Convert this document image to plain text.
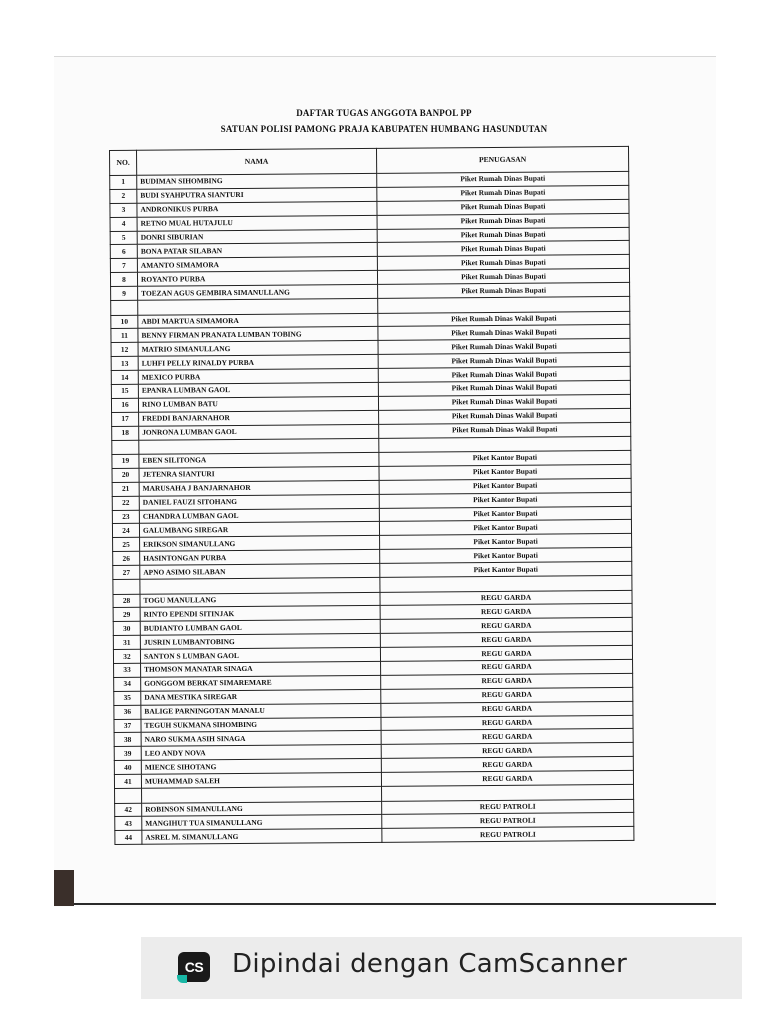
DAFTAR TUGAS ANGGOTA BANPOL PP
SATUAN POLISI PAMONG PRAJA KABUPATEN HUMBANG HASUNDUTAN
NO.	NAMA	PENUGASAN
1	BUDIMAN SIHOMBING	Piket Rumah Dinas Bupati
2	BUDI SYAHPUTRA SIANTURI	Piket Rumah Dinas Bupati
3	ANDRONIKUS PURBA	Piket Rumah Dinas Bupati
4	RETNO MUAL HUTAJULU	Piket Rumah Dinas Bupati
5	DONRI SIBURIAN	Piket Rumah Dinas Bupati
6	BONA PATAR SILABAN	Piket Rumah Dinas Bupati
7	AMANTO SIMAMORA	Piket Rumah Dinas Bupati
8	ROYANTO PURBA	Piket Rumah Dinas Bupati
9	TOEZAN AGUS GEMBIRA SIMANULLANG	Piket Rumah Dinas Bupati

10	ABDI MARTUA SIMAMORA	Piket Rumah Dinas Wakil Bupati
11	BENNY FIRMAN PRANATA LUMBAN TOBING	Piket Rumah Dinas Wakil Bupati
12	MATRIO SIMANULLANG	Piket Rumah Dinas Wakil Bupati
13	LUHFI PELLY RINALDY PURBA	Piket Rumah Dinas Wakil Bupati
14	MEXICO PURBA	Piket Rumah Dinas Wakil Bupati
15	EPANRA LUMBAN GAOL	Piket Rumah Dinas Wakil Bupati
16	RINO LUMBAN BATU	Piket Rumah Dinas Wakil Bupati
17	FREDDI BANJARNAHOR	Piket Rumah Dinas Wakil Bupati
18	JONRONA LUMBAN GAOL	Piket Rumah Dinas Wakil Bupati

19	EBEN SILITONGA	Piket Kantor Bupati
20	JETENRA SIANTURI	Piket Kantor Bupati
21	MARUSAHA J BANJARNAHOR	Piket Kantor Bupati
22	DANIEL FAUZI SITOHANG	Piket Kantor Bupati
23	CHANDRA LUMBAN GAOL	Piket Kantor Bupati
24	GALUMBANG SIREGAR	Piket Kantor Bupati
25	ERIKSON SIMANULLANG	Piket Kantor Bupati
26	HASINTONGAN PURBA	Piket Kantor Bupati
27	APNO ASIMO SILABAN	Piket Kantor Bupati

28	TOGU MANULLANG	REGU GARDA
29	RINTO EPENDI SITINJAK	REGU GARDA
30	BUDIANTO LUMBAN GAOL	REGU GARDA
31	JUSRIN LUMBANTOBING	REGU GARDA
32	SANTON S LUMBAN GAOL	REGU GARDA
33	THOMSON MANATAR SINAGA	REGU GARDA
34	GONGGOM BERKAT SIMAREMARE	REGU GARDA
35	DANA MESTIKA SIREGAR	REGU GARDA
36	BALIGE PARNINGOTAN MANALU	REGU GARDA
37	TEGUH SUKMANA SIHOMBING	REGU GARDA
38	NARO SUKMA ASIH SINAGA	REGU GARDA
39	LEO ANDY NOVA	REGU GARDA
40	MIENCE SIHOTANG	REGU GARDA
41	MUHAMMAD SALEH	REGU GARDA

42	ROBINSON SIMANULLANG	REGU PATROLI
43	MANGIHUT TUA SIMANULLANG	REGU PATROLI
44	ASREL M. SIMANULLANG	REGU PATROLI
CS Dipindai dengan CamScanner
